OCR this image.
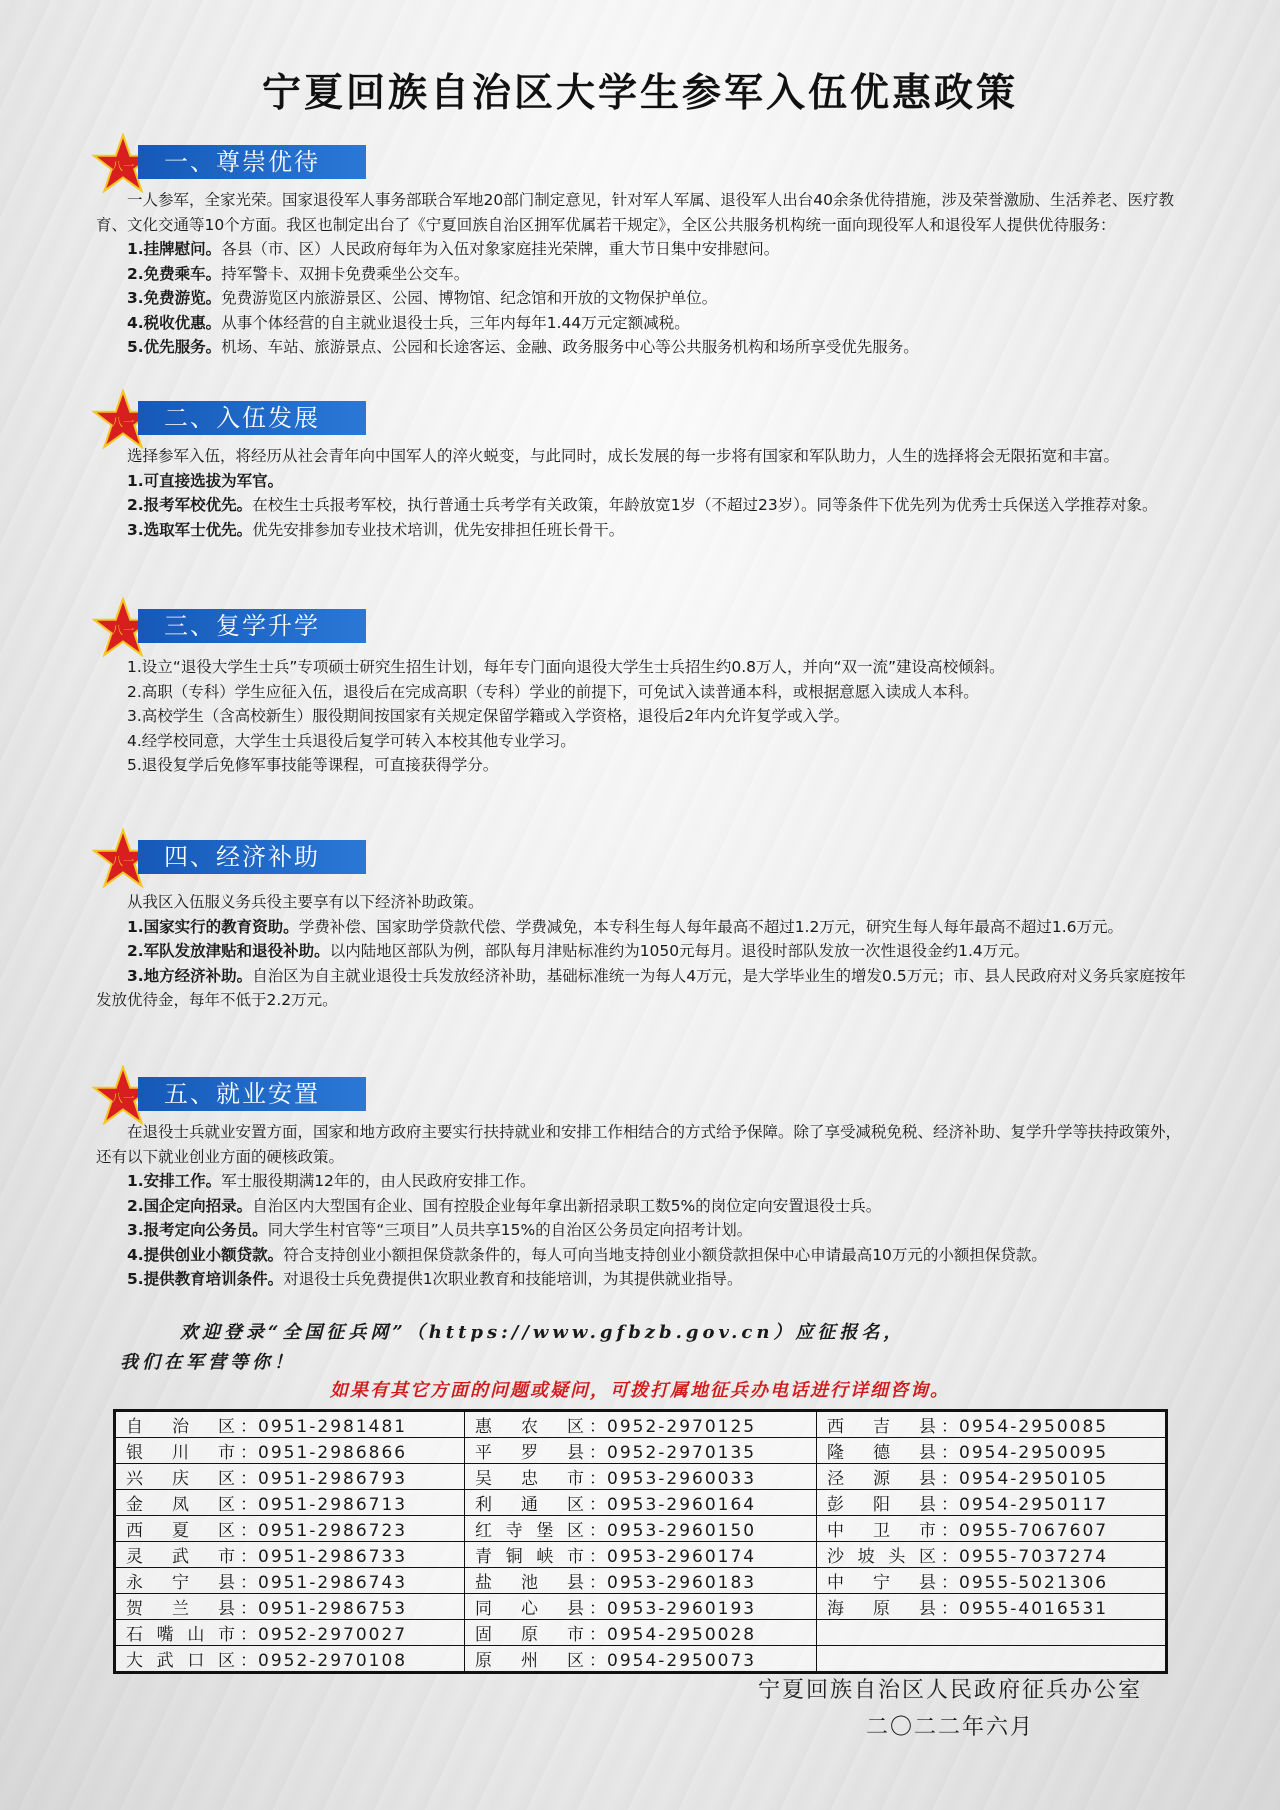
宁夏回族自治区大学生参军入伍优惠政策
八一	一、尊崇优待
八一	二、入伍发展
八一	三、复学升学
八一	四、经济补助
八一	五、就业安置

一人参军，全家光荣。国家退役军人事务部联合军地20部门制定意见，针对军人军属、退役军人出台40余条优待措施，涉及荣誉激励、生活养老、医疗教育、文化交通等10个方面。我区也制定出台了《宁夏回族自治区拥军优属若干规定》，全区公共服务机构统一面向现役军人和退役军人提供优待服务：

1.挂牌慰问。各县（市、区）人民政府每年为入伍对象家庭挂光荣牌，重大节日集中安排慰问。

2.免费乘车。持军警卡、双拥卡免费乘坐公交车。

3.免费游览。免费游览区内旅游景区、公园、博物馆、纪念馆和开放的文物保护单位。

4.税收优惠。从事个体经营的自主就业退役士兵，三年内每年1.44万元定额减税。

5.优先服务。机场、车站、旅游景点、公园和长途客运、金融、政务服务中心等公共服务机构和场所享受优先服务。

选择参军入伍，将经历从社会青年向中国军人的淬火蜕变，与此同时，成长发展的每一步将有国家和军队助力，人生的选择将会无限拓宽和丰富。

1.可直接选拔为军官。

2.报考军校优先。在校生士兵报考军校，执行普通士兵考学有关政策，年龄放宽1岁（不超过23岁）。同等条件下优先列为优秀士兵保送入学推荐对象。

3.选取军士优先。优先安排参加专业技术培训，优先安排担任班长骨干。

1.设立“退役大学生士兵”专项硕士研究生招生计划，每年专门面向退役大学生士兵招生约0.8万人，并向“双一流”建设高校倾斜。

2.高职（专科）学生应征入伍，退役后在完成高职（专科）学业的前提下，可免试入读普通本科，或根据意愿入读成人本科。

3.高校学生（含高校新生）服役期间按国家有关规定保留学籍或入学资格，退役后2年内允许复学或入学。

4.经学校同意，大学生士兵退役后复学可转入本校其他专业学习。

5.退役复学后免修军事技能等课程，可直接获得学分。

从我区入伍服义务兵役主要享有以下经济补助政策。

1.国家实行的教育资助。学费补偿、国家助学贷款代偿、学费减免，本专科生每人每年最高不超过1.2万元，研究生每人每年最高不超过1.6万元。

2.军队发放津贴和退役补助。以内陆地区部队为例，部队每月津贴标准约为1050元每月。退役时部队发放一次性退役金约1.4万元。

3.地方经济补助。自治区为自主就业退役士兵发放经济补助，基础标准统一为每人4万元，是大学毕业生的增发0.5万元；市、县人民政府对义务兵家庭按年发放优待金，每年不低于2.2万元。

在退役士兵就业安置方面，国家和地方政府主要实行扶持就业和安排工作相结合的方式给予保障。除了享受减税免税、经济补助、复学升学等扶持政策外，还有以下就业创业方面的硬核政策。

1.安排工作。军士服役期满12年的，由人民政府安排工作。

2.国企定向招录。自治区内大型国有企业、国有控股企业每年拿出新招录职工数5%的岗位定向安置退役士兵。

3.报考定向公务员。同大学生村官等“三项目”人员共享15%的自治区公务员定向招考计划。

4.提供创业小额贷款。符合支持创业小额担保贷款条件的，每人可向当地支持创业小额贷款担保中心申请最高10万元的小额担保贷款。

5.提供教育培训条件。对退役士兵免费提供1次职业教育和技能培训，为其提供就业指导。

欢迎登录“全国征兵网”（https://www.gfbzb.gov.cn）应征报名，
我们在军营等你！
如果有其它方面的问题或疑问，可拨打属地征兵办电话进行详细咨询。
自治区 ：0951-2981481	惠农区 ：0952-2970125	西吉县 ：0954-2950085
银川市 ：0951-2986866	平罗县 ：0952-2970135	隆德县 ：0954-2950095
兴庆区 ：0951-2986793	吴忠市 ：0953-2960033	泾源县 ：0954-2950105
金凤区 ：0951-2986713	利通区 ：0953-2960164	彭阳县 ：0954-2950117
西夏区 ：0951-2986723	红寺堡区 ：0953-2960150	中卫市 ：0955-7067607
灵武市 ：0951-2986733	青铜峡市 ：0953-2960174	沙坡头区 ：0955-7037274
永宁县 ：0951-2986743	盐池县 ：0953-2960183	中宁县 ：0955-5021306
贺兰县 ：0951-2986753	同心县 ：0953-2960193	海原县 ：0955-4016531
石嘴山市 ：0952-2970027	固原市 ：0954-2950028	
大武口区 ：0952-2970108	原州区 ：0954-2950073	
宁夏回族自治区人民政府征兵办公室
二〇二二年六月
